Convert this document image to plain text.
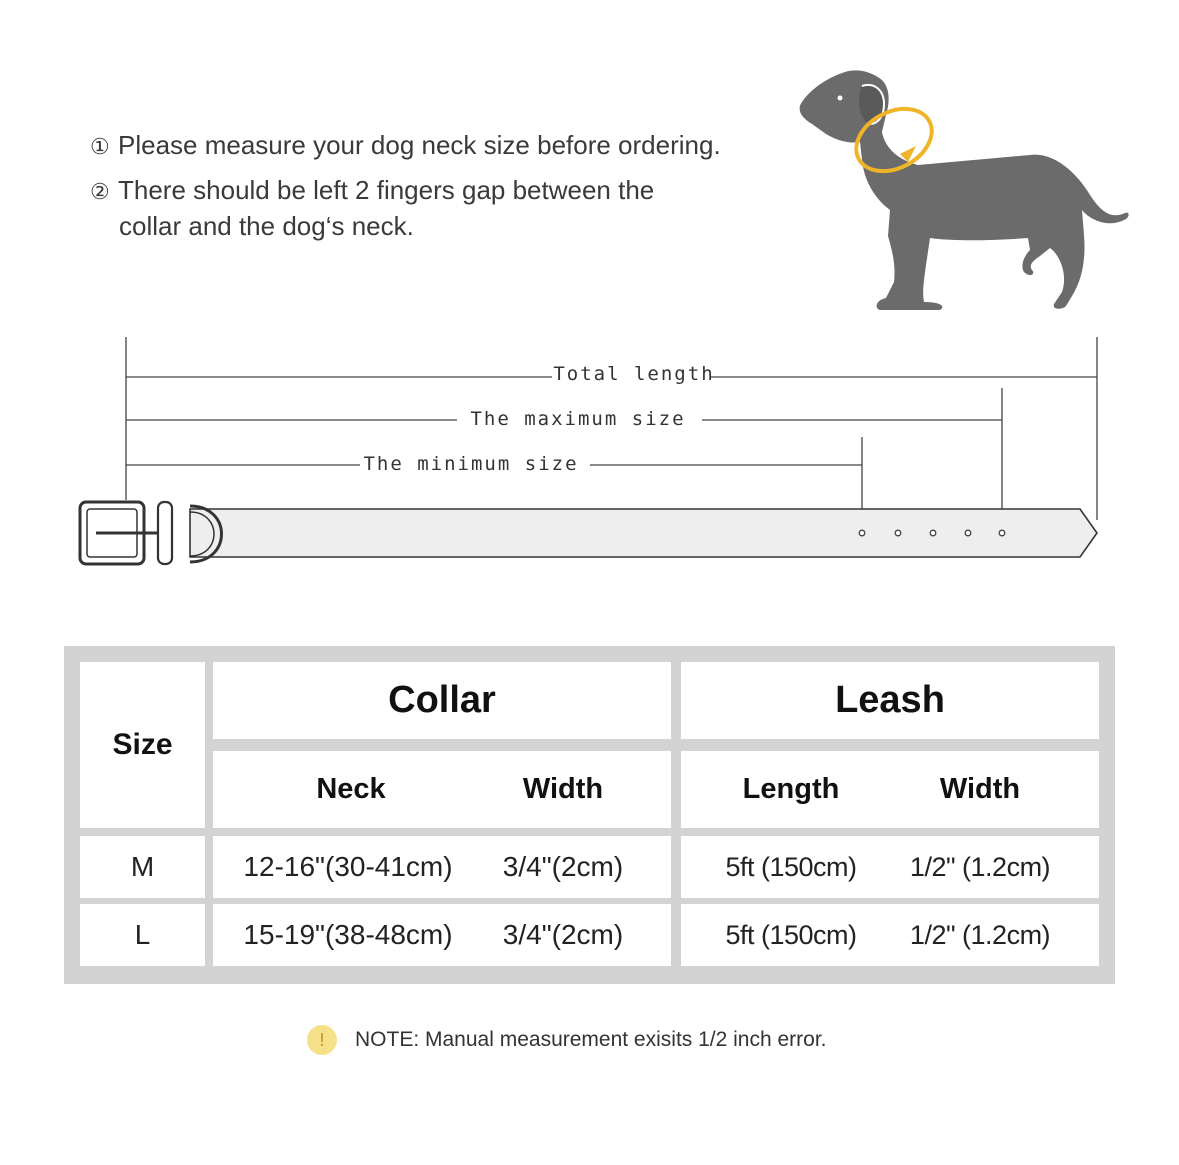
① Please measure your dog neck size before ordering.
② There should be left 2 fingers gap between the
collar and the dog‘s neck.
Total length
The maximum size
The minimum size
Size
Collar	Leash
Neck	Width	Length	Width
M	12-16"(30-41cm)	3/4"(2cm)	5ft (150cm)	1/2" (1.2cm)
L	15-19"(38-48cm)	3/4"(2cm)	5ft (150cm)	1/2" (1.2cm)
!	NOTE: Manual measurement exisits 1/2 inch error.
